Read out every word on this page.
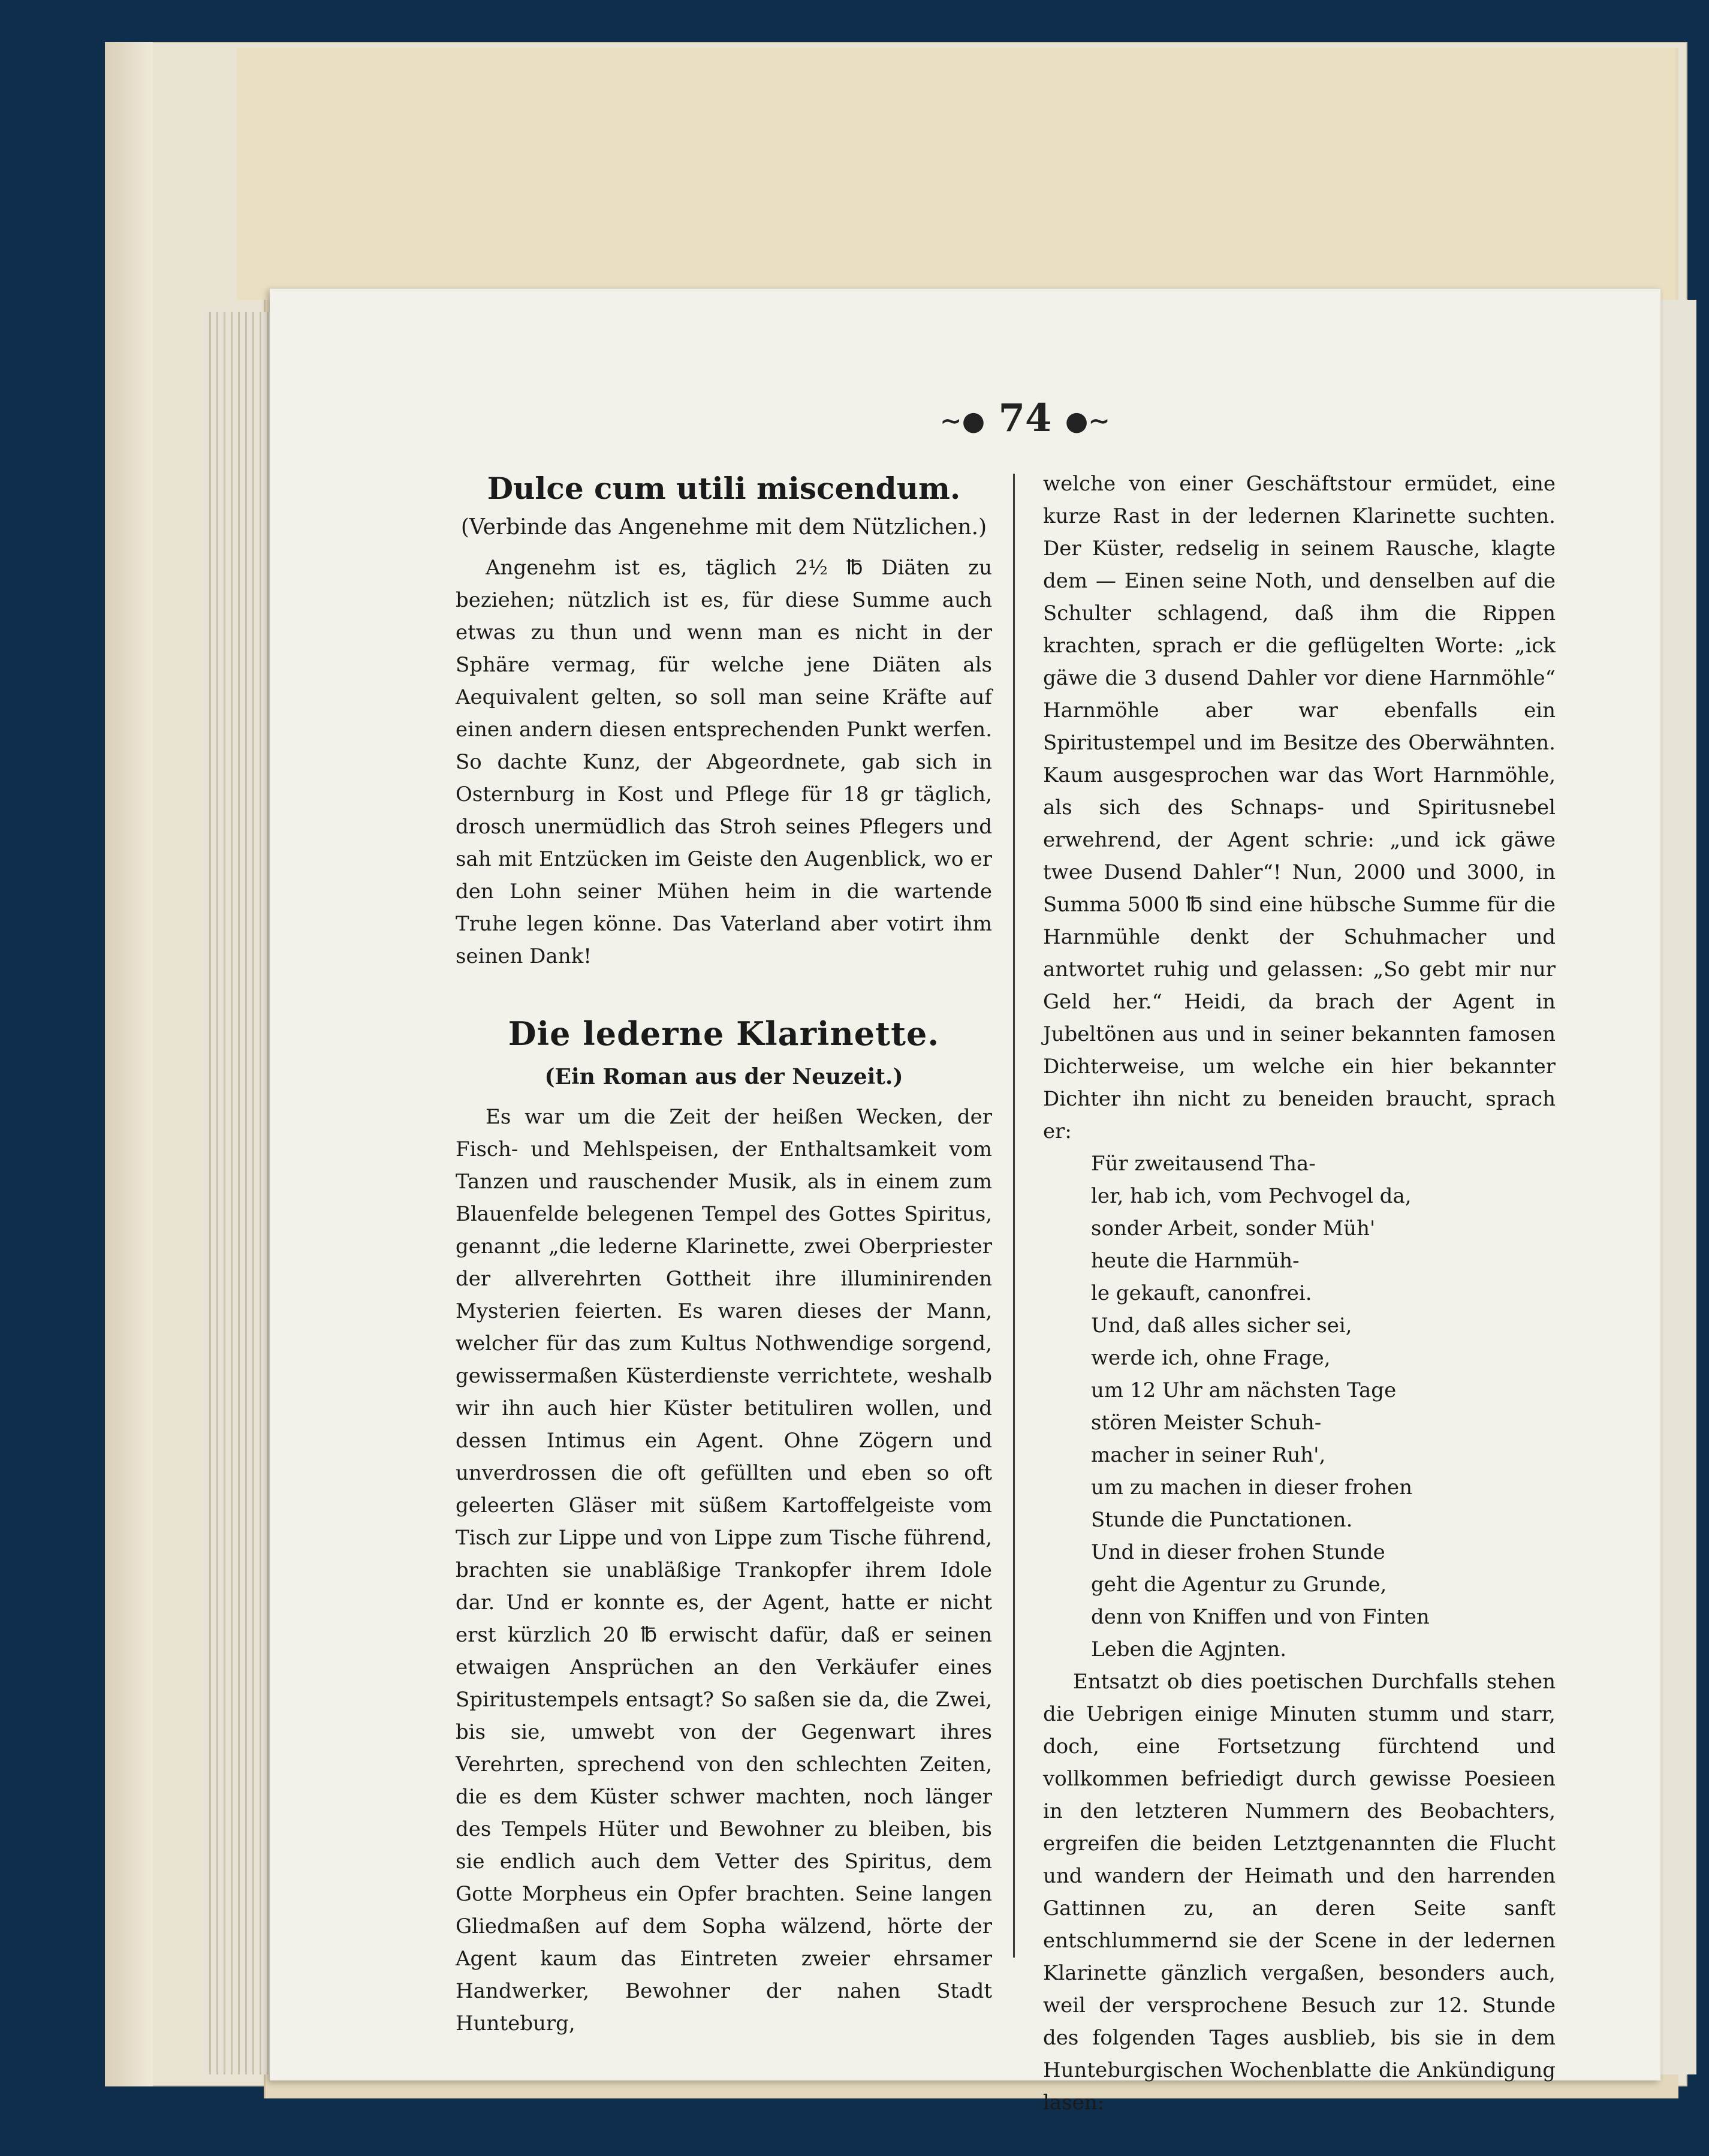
∼● 74 ●∼
Dulce cum utili miscendum.
(Verbinde das Angenehme mit dem Nützlichen.)

Angenehm ist es, täglich 2½ ℔ Diäten zu beziehen; nützlich ist es, für diese Summe auch etwas zu thun und wenn man es nicht in der Sphäre vermag, für welche jene Diäten als Aequivalent gelten, so soll man seine Kräfte auf einen andern diesen entsprechenden Punkt werfen. So dachte Kunz, der Abgeordnete, gab sich in Osternburg in Kost und Pflege für 18 gr täglich, drosch unermüdlich das Stroh seines Pflegers und sah mit Entzücken im Geiste den Augenblick, wo er den Lohn seiner Mühen heim in die wartende Truhe legen könne. Das Vaterland aber votirt ihm seinen Dank!

Die lederne Klarinette.
(Ein Roman aus der Neuzeit.)

Es war um die Zeit der heißen Wecken, der Fisch- und Mehlspeisen, der Enthaltsamkeit vom Tanzen und rauschender Musik, als in einem zum Blauenfelde belegenen Tempel des Gottes Spiritus, genannt „die lederne Klarinette, zwei Oberpriester der allverehrten Gottheit ihre illuminirenden Mysterien feierten. Es waren dieses der Mann, welcher für das zum Kultus Nothwendige sorgend, gewissermaßen Küsterdienste verrichtete, weshalb wir ihn auch hier Küster betituliren wollen, und dessen Intimus ein Agent. Ohne Zögern und unverdrossen die oft gefüllten und eben so oft geleerten Gläser mit süßem Kartoffelgeiste vom Tisch zur Lippe und von Lippe zum Tische führend, brachten sie unabläßige Trankopfer ihrem Idole dar. Und er konnte es, der Agent, hatte er nicht erst kürzlich 20 ℔ erwischt dafür, daß er seinen etwaigen Ansprüchen an den Verkäufer eines Spiritustempels entsagt? So saßen sie da, die Zwei, bis sie, umwebt von der Gegenwart ihres Verehrten, sprechend von den schlechten Zeiten, die es dem Küster schwer machten, noch länger des Tempels Hüter und Bewohner zu bleiben, bis sie endlich auch dem Vetter des Spiritus, dem Gotte Morpheus ein Opfer brachten. Seine langen Gliedmaßen auf dem Sopha wälzend, hörte der Agent kaum das Eintreten zweier ehrsamer Handwerker, Bewohner der nahen Stadt Hunteburg,

welche von einer Geschäftstour ermüdet, eine kurze Rast in der ledernen Klarinette suchten. Der Küster, redselig in seinem Rausche, klagte dem — Einen seine Noth, und denselben auf die Schulter schlagend, daß ihm die Rippen krachten, sprach er die geflügelten Worte: „ick gäwe die 3 dusend Dahler vor diene Harnmöhle“ Harnmöhle aber war ebenfalls ein Spiritustempel und im Besitze des Oberwähnten. Kaum ausgesprochen war das Wort Harnmöhle, als sich des Schnaps- und Spiritusnebel erwehrend, der Agent schrie: „und ick gäwe twee Dusend Dahler“! Nun, 2000 und 3000, in Summa 5000 ℔ sind eine hübsche Summe für die Harnmühle denkt der Schuhmacher und antwortet ruhig und gelassen: „So gebt mir nur Geld her.“ Heidi, da brach der Agent in Jubeltönen aus und in seiner bekannten famosen Dichterweise, um welche ein hier bekannter Dichter ihn nicht zu beneiden braucht, sprach er:

Für zweitausend Tha-
ler, hab ich, vom Pechvogel da,
sonder Arbeit, sonder Müh'
heute die Harnmüh-
le gekauft, canonfrei.
Und, daß alles sicher sei,
werde ich, ohne Frage,
um 12 Uhr am nächsten Tage
stören Meister Schuh-
macher in seiner Ruh',
um zu machen in dieser frohen
Stunde die Punctationen.
Und in dieser frohen Stunde
geht die Agentur zu Grunde,
denn von Kniffen und von Finten
Leben die Agjnten.

Entsatzt ob dies poetischen Durchfalls stehen die Uebrigen einige Minuten stumm und starr, doch, eine Fortsetzung fürchtend und vollkommen befriedigt durch gewisse Poesieen in den letzteren Nummern des Beobachters, ergreifen die beiden Letztgenannten die Flucht und wandern der Heimath und den harrenden Gattinnen zu, an deren Seite sanft entschlummernd sie der Scene in der ledernen Klarinette gänzlich vergaßen, besonders auch, weil der versprochene Besuch zur 12. Stunde des folgenden Tages ausblieb, bis sie in dem Hunteburgischen Wochenblatte die Ankündigung lasen:
